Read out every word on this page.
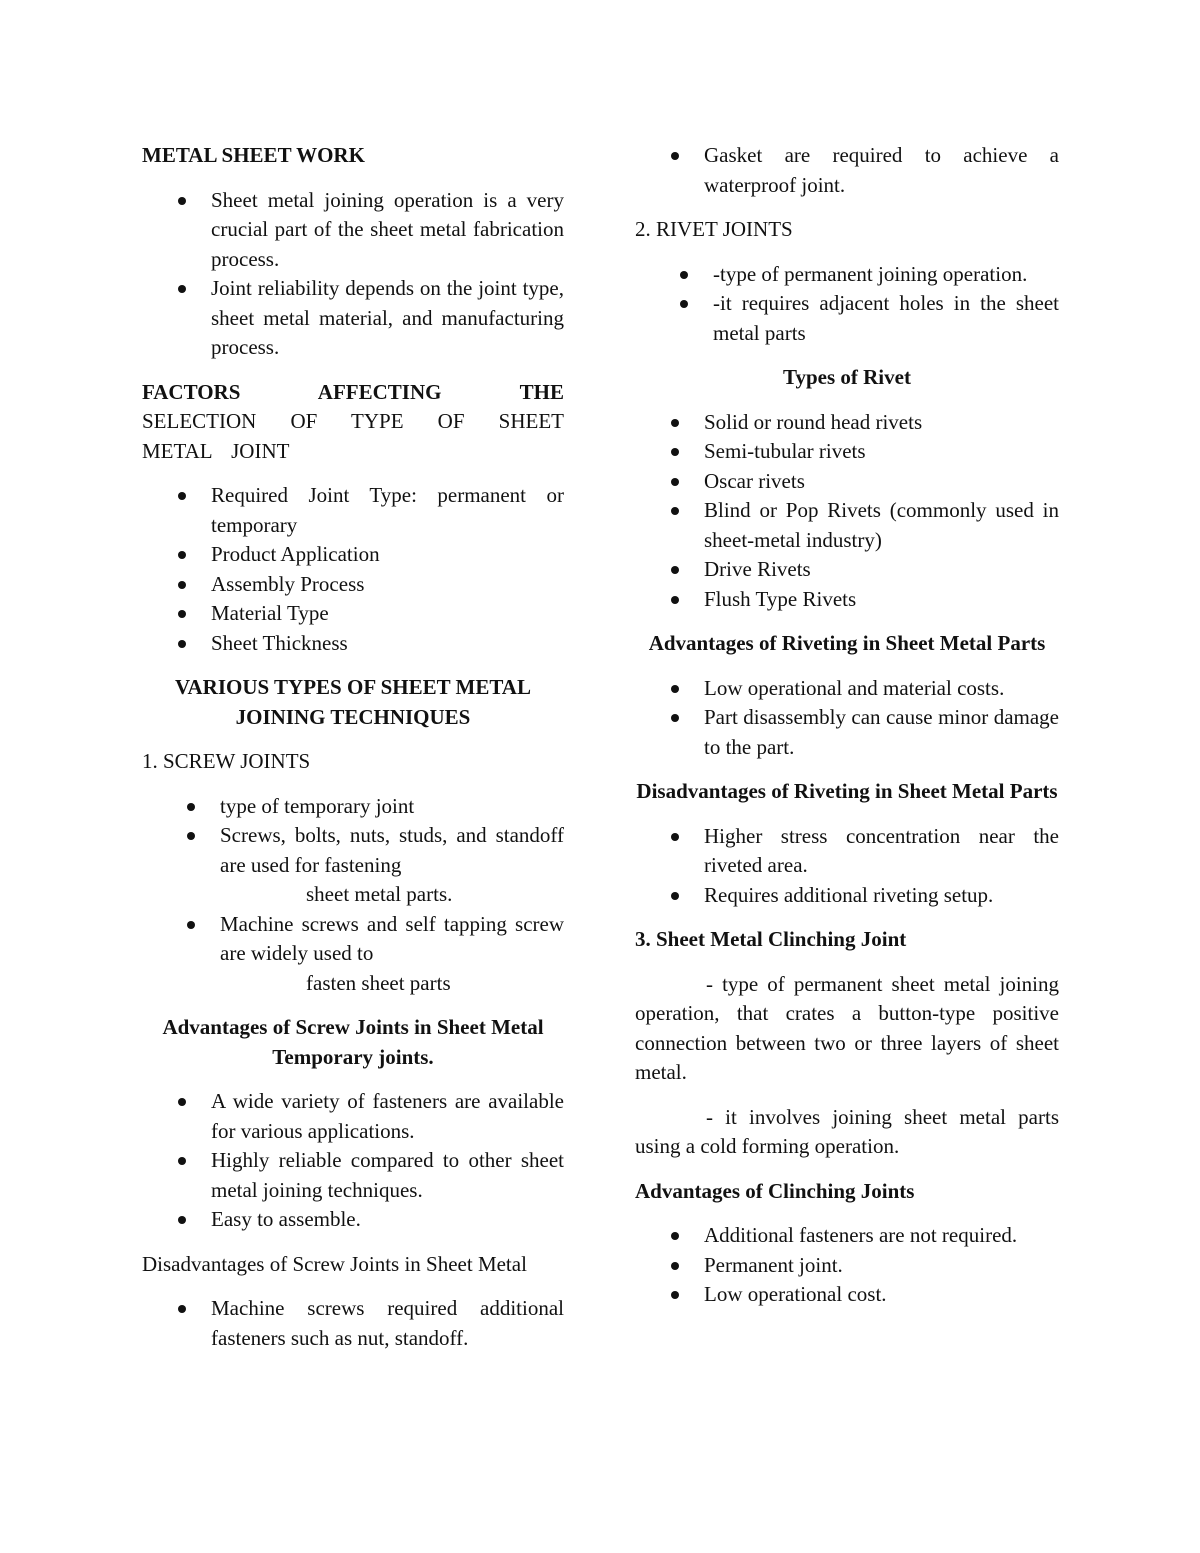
METAL SHEET WORK

Sheet metal joining operation is a very crucial part of the sheet metal fabrication process.
Joint reliability depends on the joint type, sheet metal material, and manufacturing process.

FACTORS AFFECTING THE

SELECTION OF TYPE OF SHEET METAL JOINT

Required Joint Type: permanent or temporary
Product Application
Assembly Process
Material Type
Sheet Thickness

VARIOUS TYPES OF SHEET METAL JOINING TECHNIQUES

1. SCREW JOINTS

type of temporary joint
Screws, bolts, nuts, studs, and standoff are used for fastening
sheet metal parts.
Machine screws and self tapping screw are widely used to
fasten sheet parts

Advantages of Screw Joints in Sheet Metal Temporary joints.

A wide variety of fasteners are available for various applications.
Highly reliable compared to other sheet metal joining techniques.
Easy to assemble.

Disadvantages of Screw Joints in Sheet Metal

Machine screws required additional fasteners such as nut, standoff.
Gasket are required to achieve a waterproof joint.

2. RIVET JOINTS

-type of permanent joining operation.
-it requires adjacent holes in the sheet metal parts

Types of Rivet

Solid or round head rivets
Semi-tubular rivets
Oscar rivets
Blind or Pop Rivets (commonly used in sheet-metal industry)
Drive Rivets
Flush Type Rivets

Advantages of Riveting in Sheet Metal Parts

Low operational and material costs.
Part disassembly can cause minor damage to the part.

Disadvantages of Riveting in Sheet Metal Parts

Higher stress concentration near the riveted area.
Requires additional riveting setup.

3. Sheet Metal Clinching Joint

- type of permanent sheet metal joining operation, that crates a button-type positive connection between two or three layers of sheet metal.

- it involves joining sheet metal parts using a cold forming operation.

Advantages of Clinching Joints

Additional fasteners are not required.
Permanent joint.
Low operational cost.
